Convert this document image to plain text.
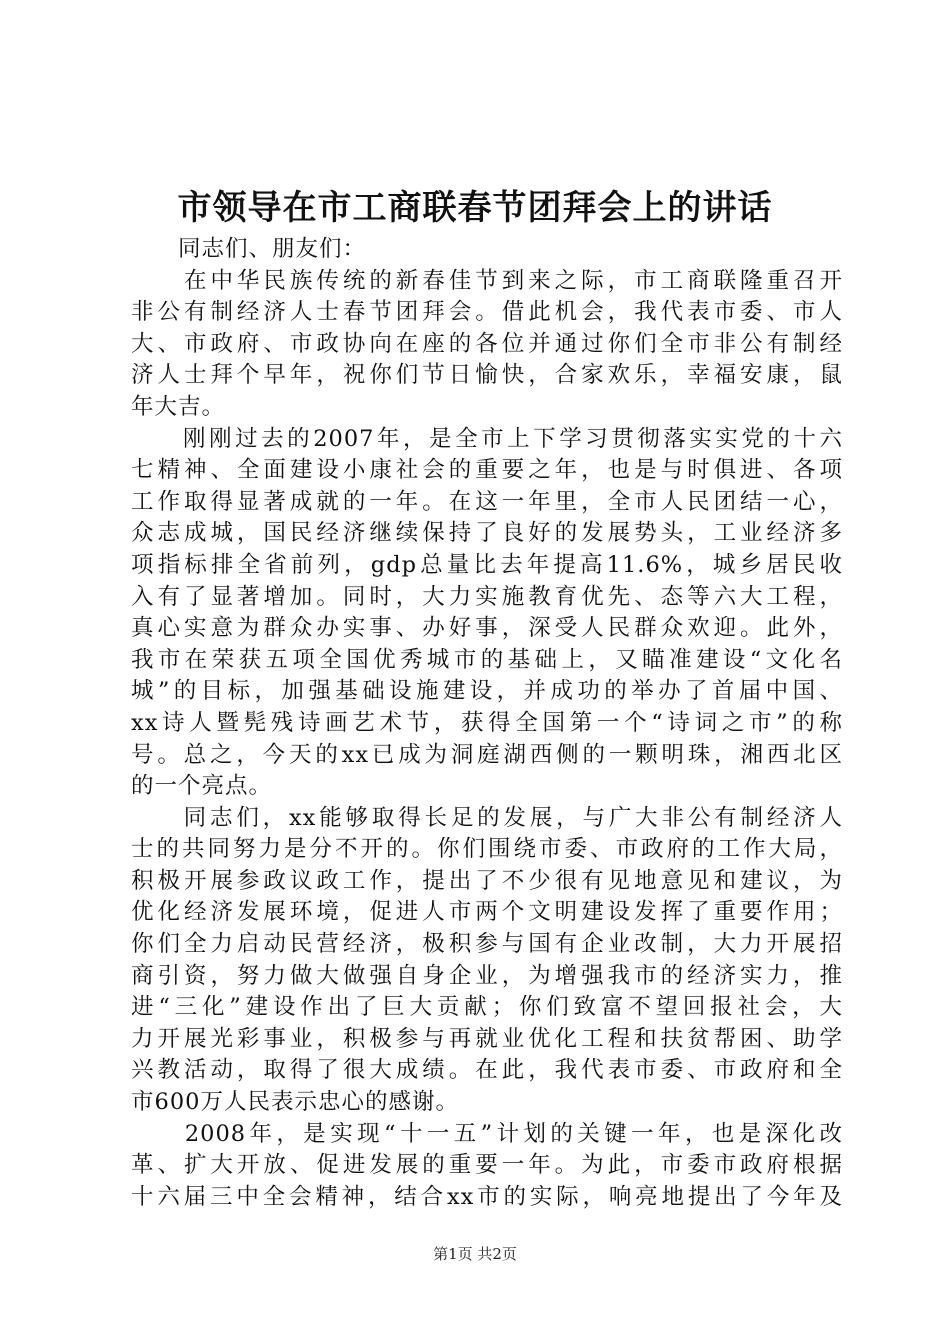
市领导在市工商联春节团拜会上的讲话
　　同志们、朋友们：
　　在中华民族传统的新春佳节到来之际，市工商联隆重召开
非公有制经济人士春节团拜会。借此机会，我代表市委、市人
大、市政府、市政协向在座的各位并通过你们全市非公有制经
济人士拜个早年，祝你们节日愉快，合家欢乐，幸福安康，鼠
年大吉。
　　刚刚过去的2007年，是全市上下学习贯彻落实实党的十六
七精神、全面建设小康社会的重要之年，也是与时俱进、各项
工作取得显著成就的一年。在这一年里，全市人民团结一心，
众志成城，国民经济继续保持了良好的发展势头，工业经济多
项指标排全省前列，gdp总量比去年提高11.6%，城乡居民收
入有了显著增加。同时，大力实施教育优先、态等六大工程，
真心实意为群众办实事、办好事，深受人民群众欢迎。此外，
我市在荣获五项全国优秀城市的基础上，又瞄准建设“文化名
城”的目标，加强基础设施建设，并成功的举办了首届中国、
xx诗人暨髡残诗画艺术节，获得全国第一个“诗词之市”的称
号。总之，今天的xx已成为洞庭湖西侧的一颗明珠，湘西北区
的一个亮点。
　　同志们，xx能够取得长足的发展，与广大非公有制经济人
士的共同努力是分不开的。你们围绕市委、市政府的工作大局，
积极开展参政议政工作，提出了不少很有见地意见和建议，为
优化经济发展环境，促进人市两个文明建设发挥了重要作用；
你们全力启动民营经济，极积参与国有企业改制，大力开展招
商引资，努力做大做强自身企业，为增强我市的经济实力，推
进“三化”建设作出了巨大贡献；你们致富不望回报社会，大
力开展光彩事业，积极参与再就业优化工程和扶贫帮困、助学
兴教活动，取得了很大成绩。在此，我代表市委、市政府和全
市600万人民表示忠心的感谢。
　　2008年，是实现“十一五”计划的关键一年，也是深化改
革、扩大开放、促进发展的重要一年。为此，市委市政府根据
十六届三中全会精神，结合xx市的实际，响亮地提出了今年及
第1页 共2页
